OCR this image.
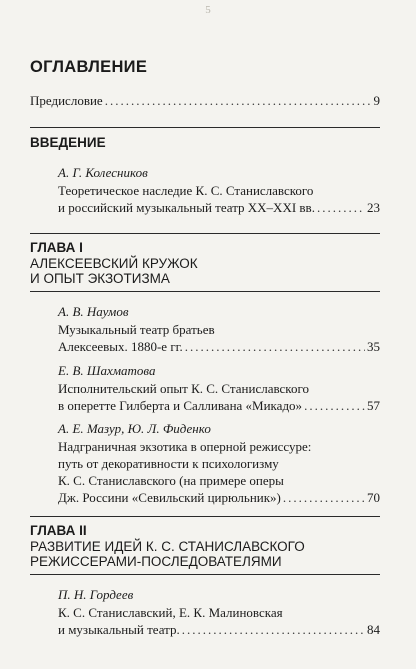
5
ОГЛАВЛЕНИЕ
Предисловие .....	9
ВВЕДЕНИЕ
А. Г. Колесников
Теоретическое наследие К. С. Станиславского
и российский музыкальный театр XX–XXI вв. .....	23
ГЛАВА I
АЛЕКСЕЕВСКИЙ КРУЖОК
И ОПЫТ ЭКЗОТИЗМА
А. В. Наумов
Музыкальный театр братьев
Алексеевых. 1880-е гг. .....	35
Е. В. Шахматова
Исполнительский опыт К. С. Станиславского
в оперетте Гилберта и Салливана «Микадо» .....	57
А. Е. Мазур, Ю. Л. Фиденко
Надграничная экзотика в оперной режиссуре:
путь от декоративности к психологизму
К. С. Станиславского (на примере оперы
Дж. Россини «Севильский цирюльник») .....	70
ГЛАВА II
РАЗВИТИЕ ИДЕЙ К. С. СТАНИСЛАВСКОГО
РЕЖИССЕРАМИ-ПОСЛЕДОВАТЕЛЯМИ
П. Н. Гордеев
К. С. Станиславский, Е. К. Малиновская
и музыкальный театр. .....	84
